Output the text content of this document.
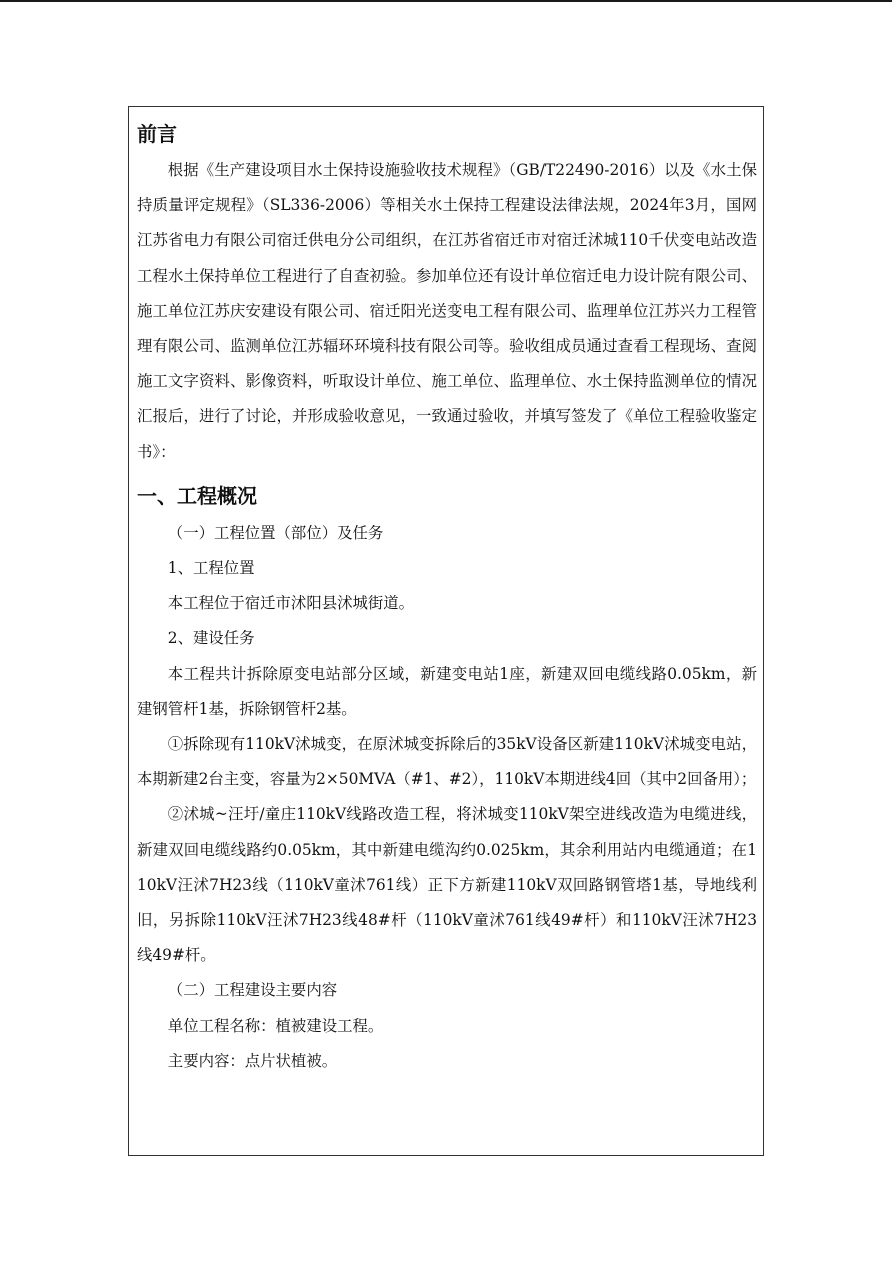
前言

根据《生产建设项目水土保持设施验收技术规程》（GB/T22490-2016）以及《水土保持质量评定规程》（SL336-2006）等相关水土保持工程建设法律法规，2024年3月，国网江苏省电力有限公司宿迁供电分公司组织，在江苏省宿迁市对宿迁沭城110千伏变电站改造工程水土保持单位工程进行了自查初验。参加单位还有设计单位宿迁电力设计院有限公司、施工单位江苏庆安建设有限公司、宿迁阳光送变电工程有限公司、监理单位江苏兴力工程管理有限公司、监测单位江苏辐环环境科技有限公司等。验收组成员通过查看工程现场、查阅施工文字资料、影像资料，听取设计单位、施工单位、监理单位、水土保持监测单位的情况汇报后，进行了讨论，并形成验收意见，一致通过验收，并填写签发了《单位工程验收鉴定书》：

一、工程概况

（一）工程位置（部位）及任务

1、工程位置

本工程位于宿迁市沭阳县沭城街道。

2、建设任务

本工程共计拆除原变电站部分区域，新建变电站1座，新建双回电缆线路0.05km，新建钢管杆1基，拆除钢管杆2基。

①拆除现有110kV沭城变，在原沭城变拆除后的35kV设备区新建110kV沭城变电站，本期新建2台主变，容量为2×50MVA（#1、#2），110kV本期进线4回（其中2回备用）；

②沭城~汪圩/童庄110kV线路改造工程，将沭城变110kV架空进线改造为电缆进线，新建双回电缆线路约0.05km，其中新建电缆沟约0.025km，其余利用站内电缆通道；在110kV汪沭7H23线（110kV童沭761线）正下方新建110kV双回路钢管塔1基，导地线利旧，另拆除110kV汪沭7H23线48#杆（110kV童沭761线49#杆）和110kV汪沭7H23线49#杆。

（二）工程建设主要内容

单位工程名称：植被建设工程。

主要内容：点片状植被。
